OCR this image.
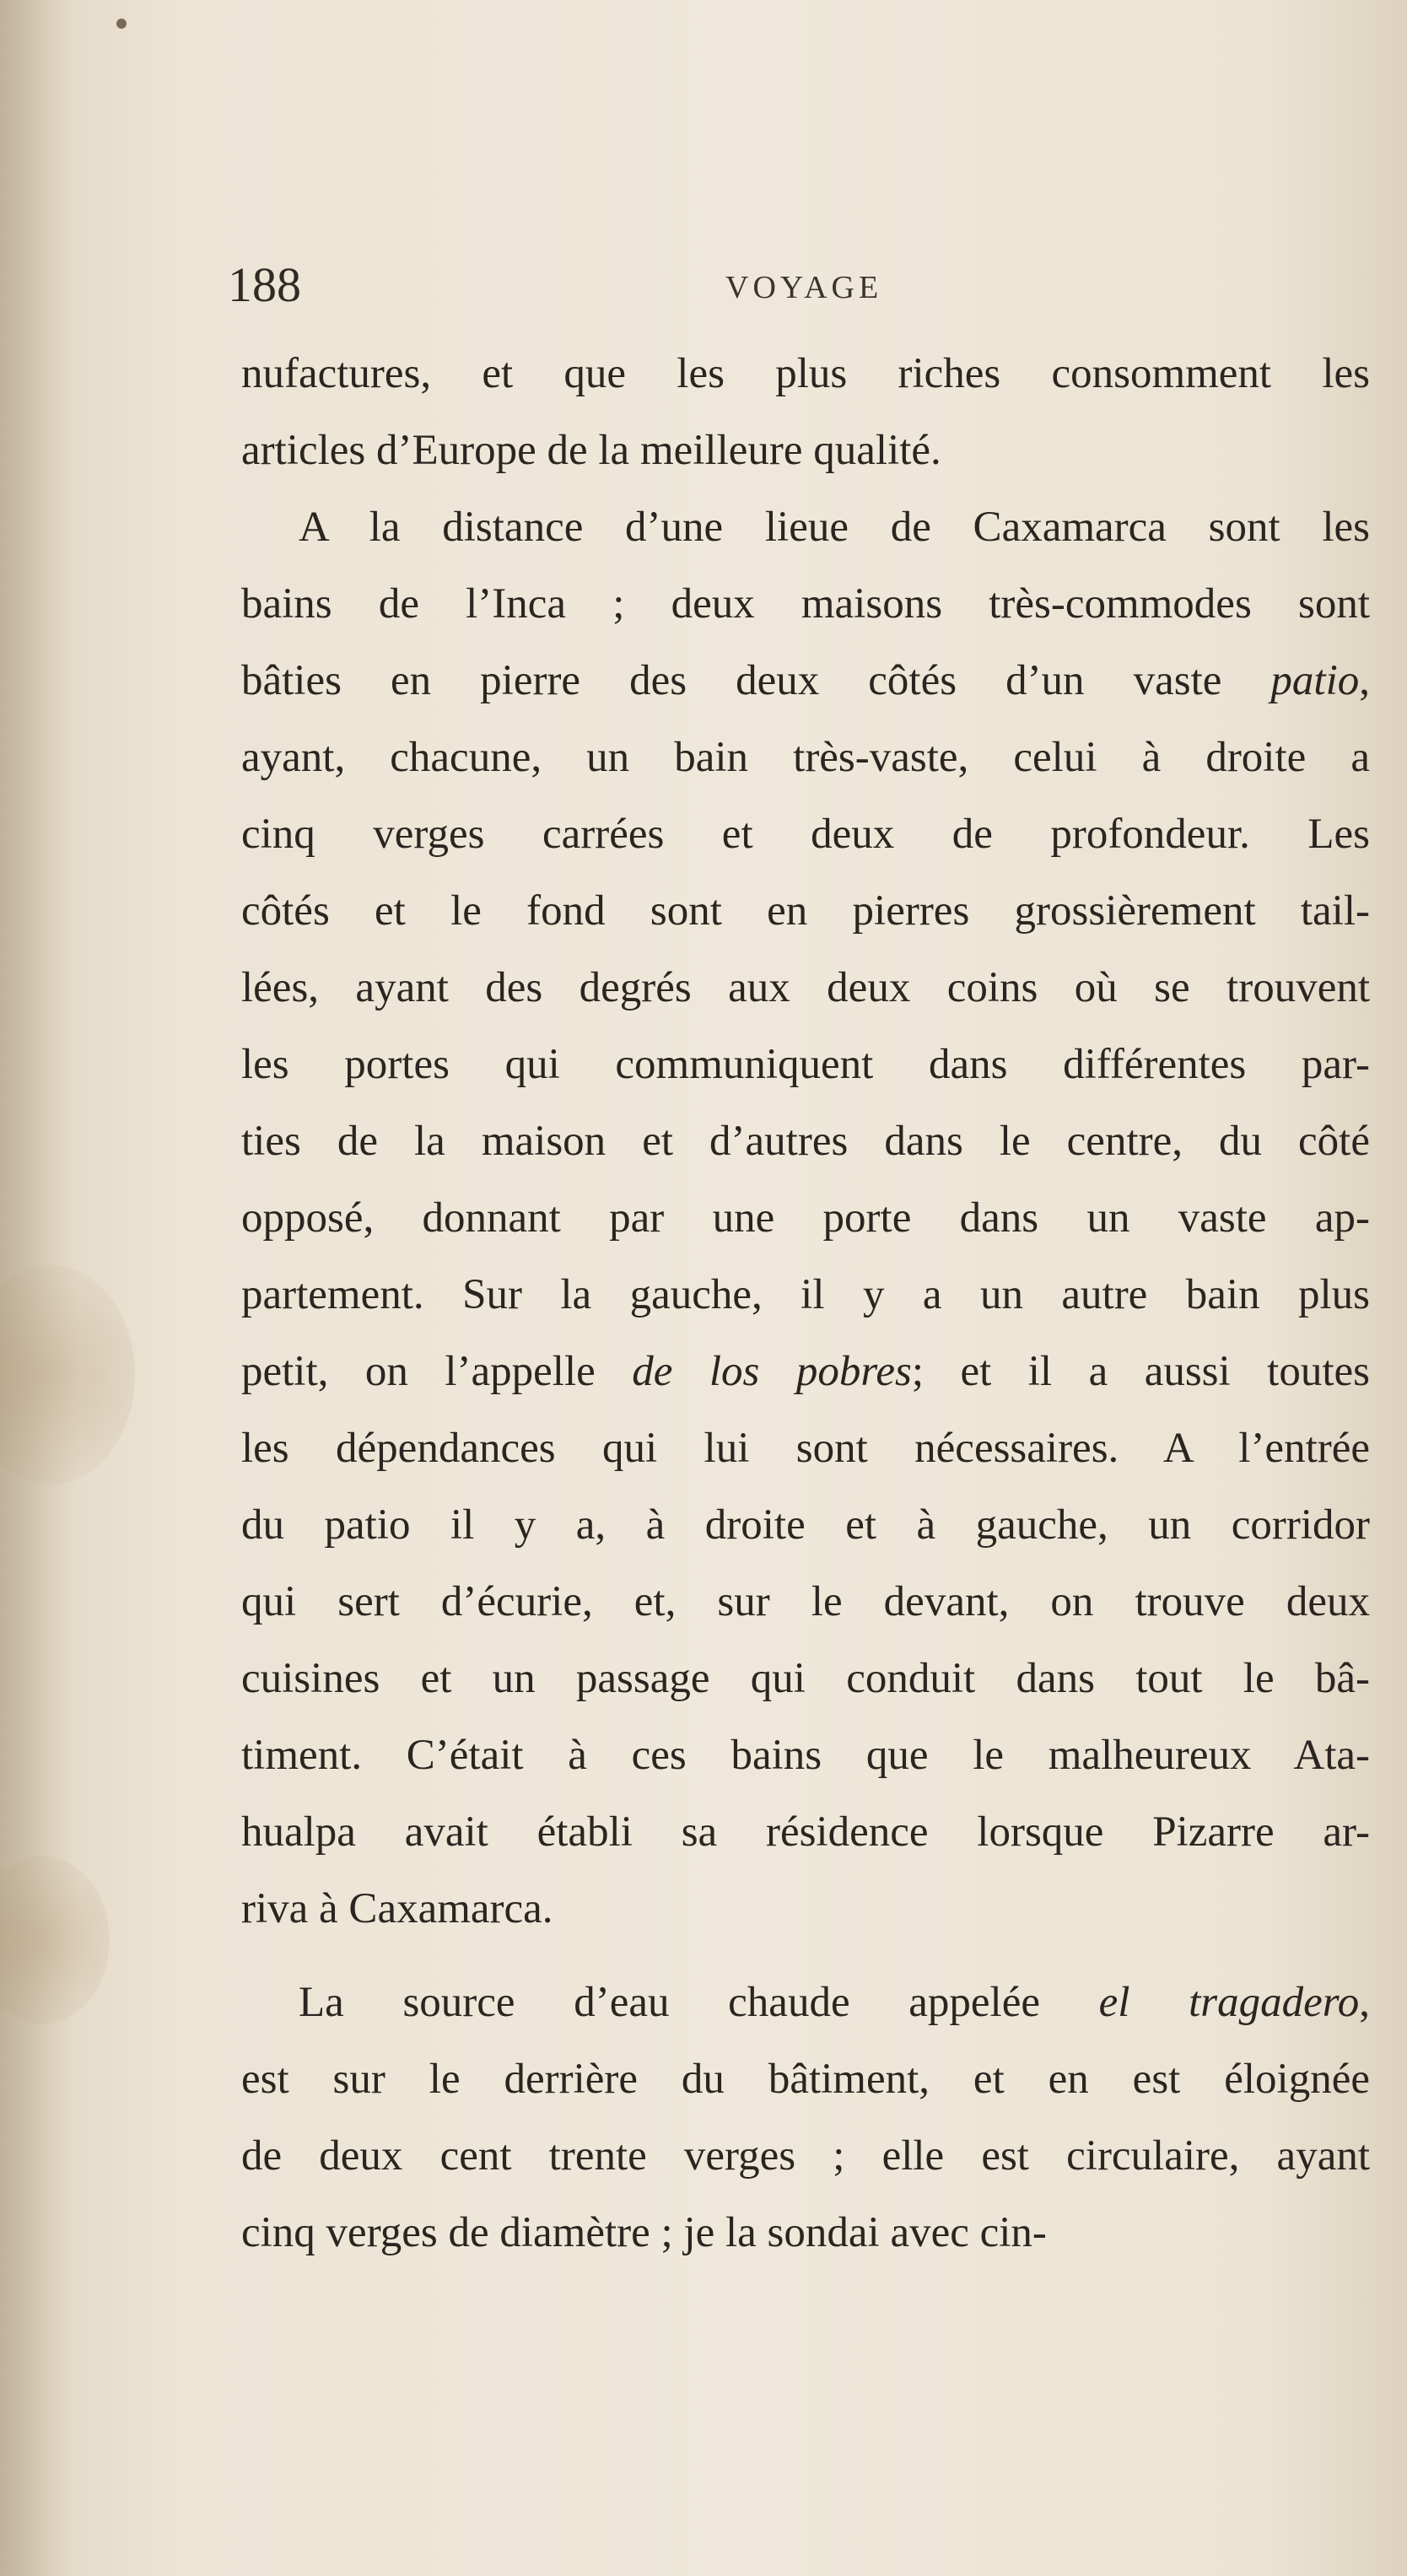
188	VOYAGE
nufactures, et que les plus riches consomment les
articles d’Europe de la meilleure qualité.
A la distance d’une lieue de Caxamarca sont les
bains de l’Inca ; deux maisons très-commodes sont
bâties en pierre des deux côtés d’un vaste patio,
ayant, chacune, un bain très-vaste, celui à droite a
cinq verges carrées et deux de profondeur. Les
côtés et le fond sont en pierres grossièrement tail-
lées, ayant des degrés aux deux coins où se trouvent
les portes qui communiquent dans différentes par-
ties de la maison et d’autres dans le centre, du côté
opposé, donnant par une porte dans un vaste ap-
partement. Sur la gauche, il y a un autre bain plus
petit, on l’appelle de los pobres; et il a aussi toutes
les dépendances qui lui sont nécessaires. A l’entrée
du patio il y a, à droite et à gauche, un corridor
qui sert d’écurie, et, sur le devant, on trouve deux
cuisines et un passage qui conduit dans tout le bâ-
timent. C’était à ces bains que le malheureux Ata-
hualpa avait établi sa résidence lorsque Pizarre ar-
riva à Caxamarca.
La source d’eau chaude appelée el tragadero,
est sur le derrière du bâtiment, et en est éloignée
de deux cent trente verges ; elle est circulaire, ayant
cinq verges de diamètre ; je la sondai avec cin-
